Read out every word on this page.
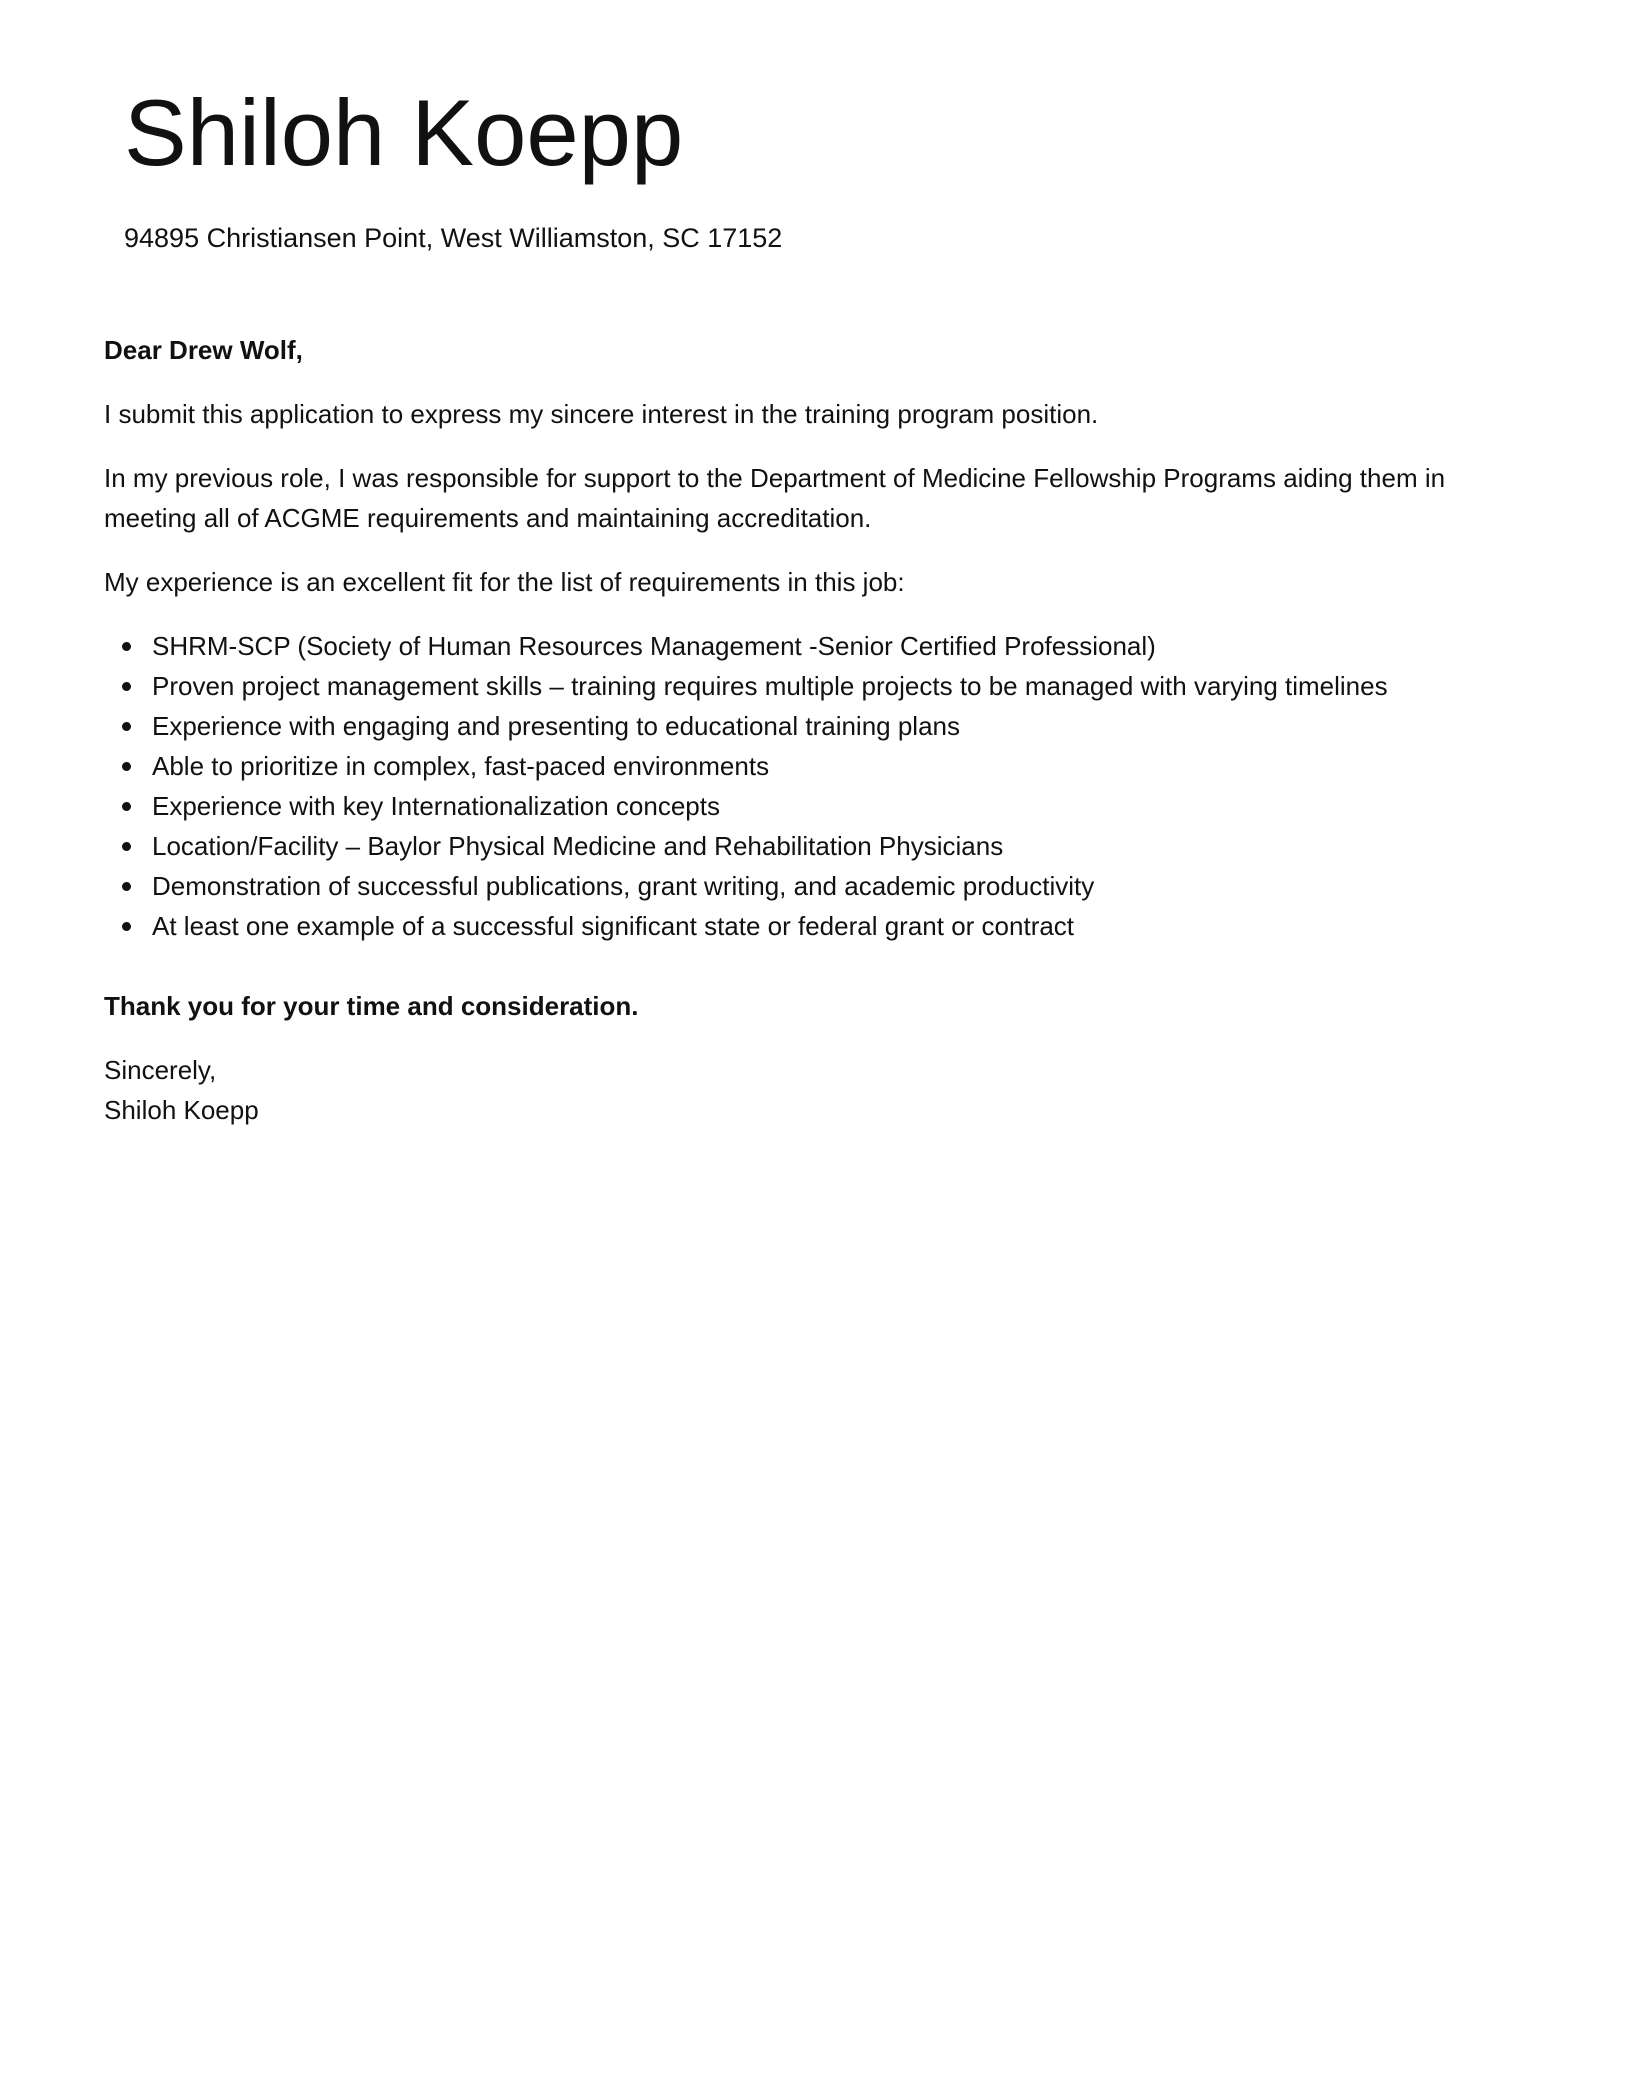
Shiloh Koepp
94895 Christiansen Point, West Williamston, SC 17152

Dear Drew Wolf,

I submit this application to express my sincere interest in the training program position.

In my previous role, I was responsible for support to the Department of Medicine Fellowship Programs aiding them in meeting all of ACGME requirements and maintaining accreditation.

My experience is an excellent fit for the list of requirements in this job:

SHRM-SCP (Society of Human Resources Management -Senior Certified Professional)
Proven project management skills – training requires multiple projects to be managed with varying timelines
Experience with engaging and presenting to educational training plans
Able to prioritize in complex, fast-paced environments
Experience with key Internationalization concepts
Location/Facility – Baylor Physical Medicine and Rehabilitation Physicians
Demonstration of successful publications, grant writing, and academic productivity
At least one example of a successful significant state or federal grant or contract

Thank you for your time and consideration.

Sincerely,
Shiloh Koepp
